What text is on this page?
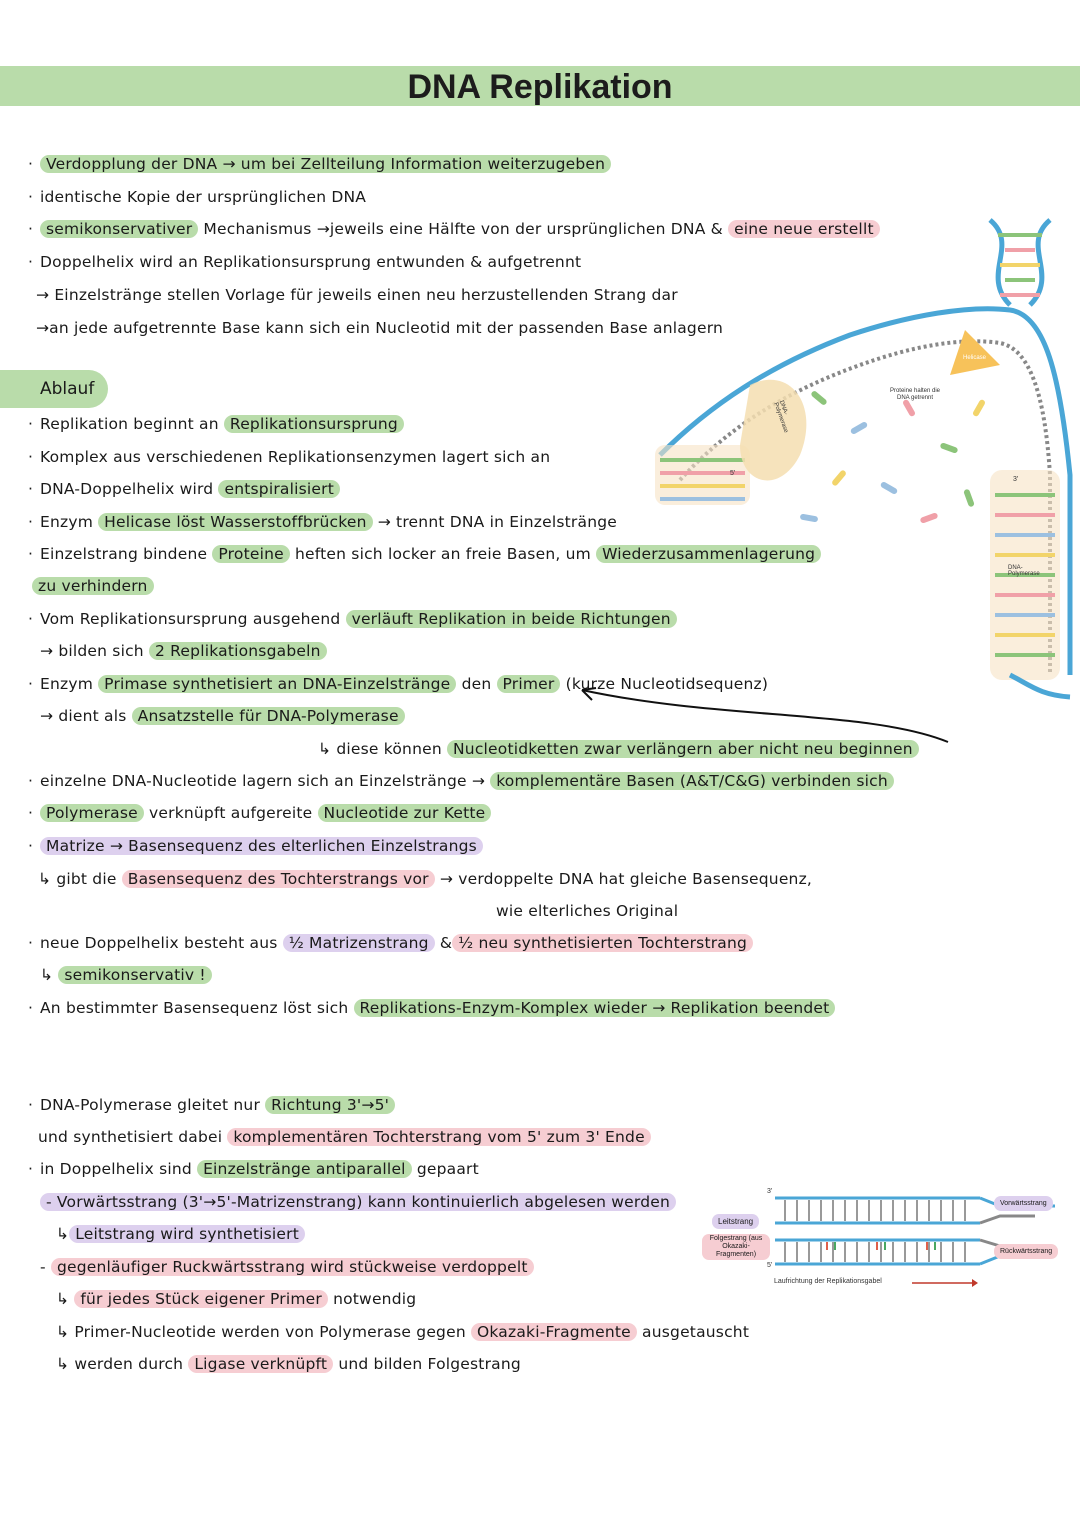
DNA Replikation
· Verdopplung der DNA → um bei Zellteilung Information weiterzugeben
· identische Kopie der ursprünglichen DNA
· semikonservativer Mechanismus →jeweils eine Hälfte von der ursprünglichen DNA & eine neue erstellt
· Doppelhelix wird an Replikationsursprung entwunden & aufgetrennt
→ Einzelstränge stellen Vorlage für jeweils einen neu herzustellenden Strang dar
→an jede aufgetrennte Base kann sich ein Nucleotid mit der passenden Base anlagern
Ablauf
· Replikation beginnt an Replikationsursprung
· Komplex aus verschiedenen Replikationsenzymen lagert sich an
· DNA-Doppelhelix wird entspiralisiert
· Enzym Helicase löst Wasserstoffbrücken → trennt DNA in Einzelstränge
· Einzelstrang bindene Proteine heften sich locker an freie Basen, um Wiederzusammenlagerung
zu verhindern
· Vom Replikationsursprung ausgehend verläuft Replikation in beide Richtungen
→ bilden sich 2 Replikationsgabeln
· Enzym Primase synthetisiert an DNA-Einzelstränge den Primer (kurze Nucleotidsequenz)
→ dient als Ansatzstelle für DNA-Polymerase
↳ diese können Nucleotidketten zwar verlängern aber nicht neu beginnen
· einzelne DNA-Nucleotide lagern sich an Einzelstränge → komplementäre Basen (A&T/C&G) verbinden sich
· Polymerase verknüpft aufgereite Nucleotide zur Kette
· Matrize → Basensequenz des elterlichen Einzelstrangs
↳ gibt die Basensequenz des Tochterstrangs vor → verdoppelte DNA hat gleiche Basensequenz,
wie elterliches Original
· neue Doppelhelix besteht aus ½ Matrizenstrang & ½ neu synthetisierten Tochterstrang
↳ semikonservativ !
· An bestimmter Basensequenz löst sich Replikations-Enzym-Komplex wieder → Replikation beendet
· DNA-Polymerase gleitet nur Richtung 3'→5'
und synthetisiert dabei komplementären Tochterstrang vom 5' zum 3' Ende
· in Doppelhelix sind Einzelstränge antiparallel gepaart
- Vorwärtsstrang (3'→5'-Matrizenstrang) kann kontinuierlich abgelesen werden
↳ Leitstrang wird synthetisiert
- gegenläufiger Ruckwärtsstrang wird stückweise verdoppelt
↳ für jedes Stück eigener Primer notwendig
↳ Primer-Nucleotide werden von Polymerase gegen Okazaki-Fragmente ausgetauscht
↳ werden durch Ligase verknüpft und bilden Folgestrang
Proteine halten die DNA getrennt
Helicase
DNA-Polymerase
DNA-Polymerase
5'
3'
3'
5'
Leitstrang
Folgestrang (aus Okazaki-Fragmenten)
Vorwärtsstrang
Rückwärtsstrang
Laufrichtung der Replikationsgabel
